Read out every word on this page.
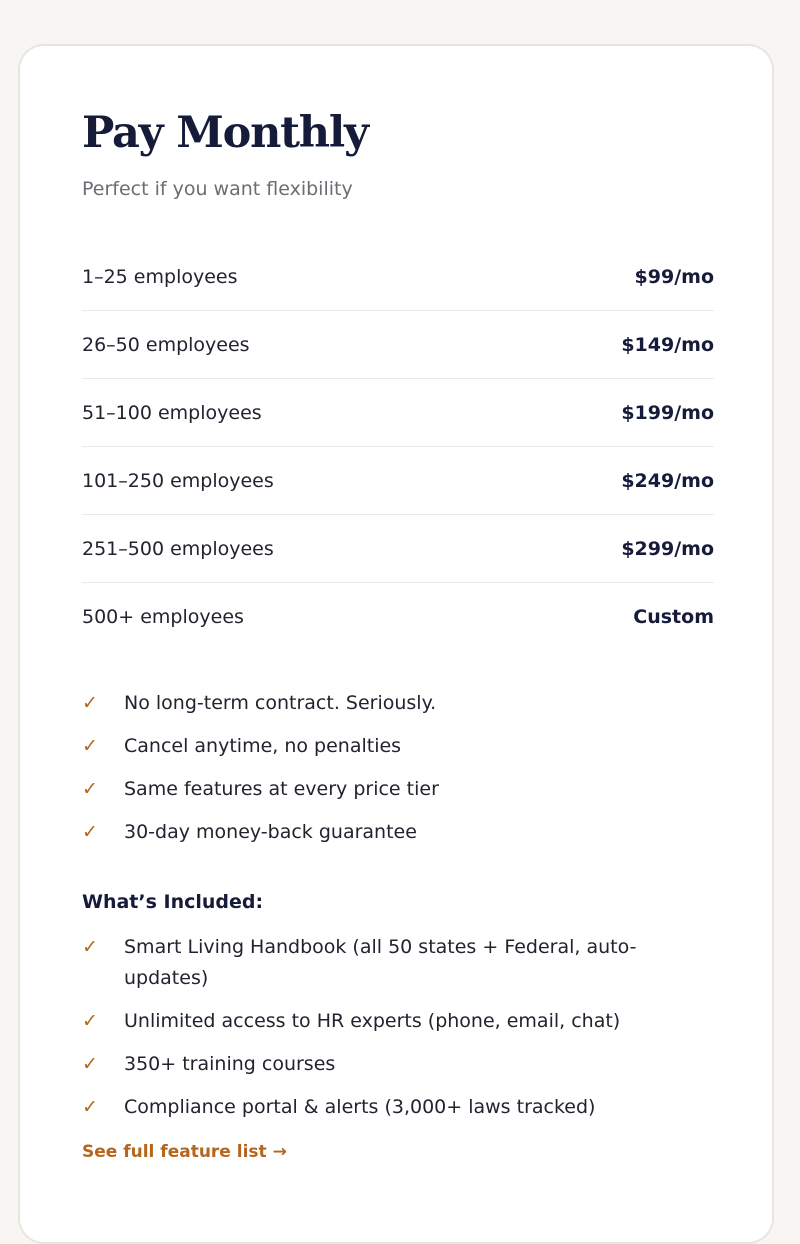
Pay Monthly
Perfect if you want flexibility
1–25 employees	$99/mo
26–50 employees	$149/mo
51–100 employees	$199/mo
101–250 employees	$249/mo
251–500 employees	$299/mo
500+ employees	Custom
✓	No long-term contract. Seriously.
✓	Cancel anytime, no penalties
✓	Same features at every price tier
✓	30-day money-back guarantee
What’s Included:
✓	Smart Living Handbook (all 50 states + Federal, auto-updates)
✓	Unlimited access to HR experts (phone, email, chat)
✓	350+ training courses
✓	Compliance portal & alerts (3,000+ laws tracked)
See full feature list →
